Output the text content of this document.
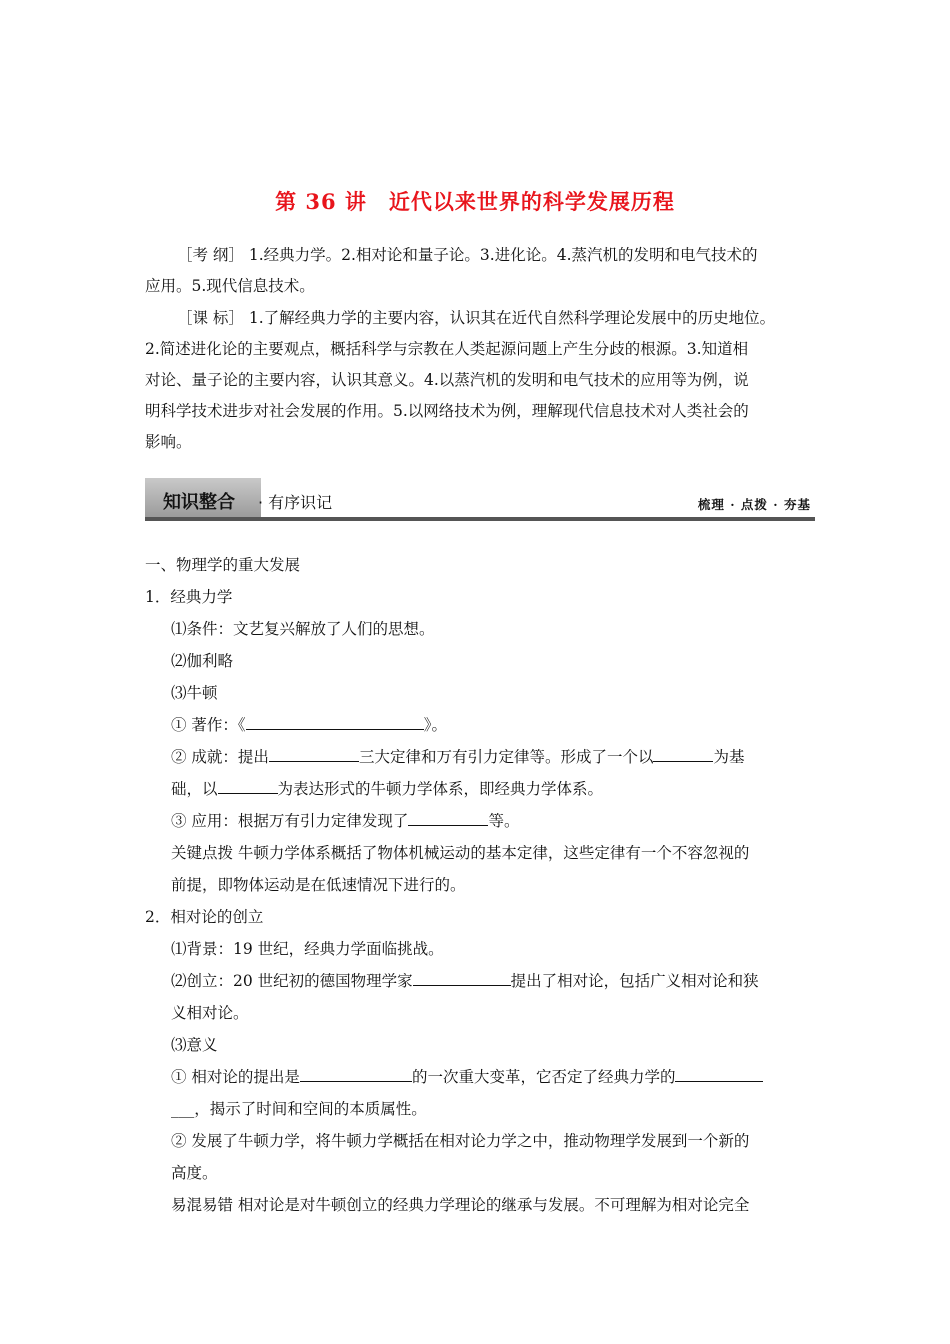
第 36 讲 近代以来世界的科学发展历程
［考 纲］ 1.经典力学。2.相对论和量子论。3.进化论。4.蒸汽机的发明和电气技术的
应用。5.现代信息技术。
［课 标］ 1.了解经典力学的主要内容，认识其在近代自然科学理论发展中的历史地位。
2.简述进化论的主要观点，概括科学与宗教在人类起源问题上产生分歧的根源。3.知道相
对论、量子论的主要内容，认识其意义。4.以蒸汽机的发明和电气技术的应用等为例，说
明科学技术进步对社会发展的作用。5.以网络技术为例，理解现代信息技术对人类社会的
影响。
知识整合 · 有序识记	梳理 · 点拨 · 夯基
一、物理学的重大发展
1．经典力学
⑴条件：文艺复兴解放了人们的思想。
⑵伽利略
⑶牛顿
① 著作：《	》。
② 成就：提出	三大定律和万有引力定律等。形成了一个以	为基
础，以	为表达形式的牛顿力学体系，即经典力学体系。
③ 应用：根据万有引力定律发现了	等。
关键点拨 牛顿力学体系概括了物体机械运动的基本定律，这些定律有一个不容忽视的
前提，即物体运动是在低速情况下进行的。
2．相对论的创立
⑴背景：19 世纪，经典力学面临挑战。
⑵创立：20 世纪初的德国物理学家	提出了相对论，包括广义相对论和狭
义相对论。
⑶意义
① 相对论的提出是	的一次重大变革，它否定了经典力学的
___，揭示了时间和空间的本质属性。
② 发展了牛顿力学，将牛顿力学概括在相对论力学之中，推动物理学发展到一个新的
高度。
易混易错 相对论是对牛顿创立的经典力学理论的继承与发展。不可理解为相对论完全
